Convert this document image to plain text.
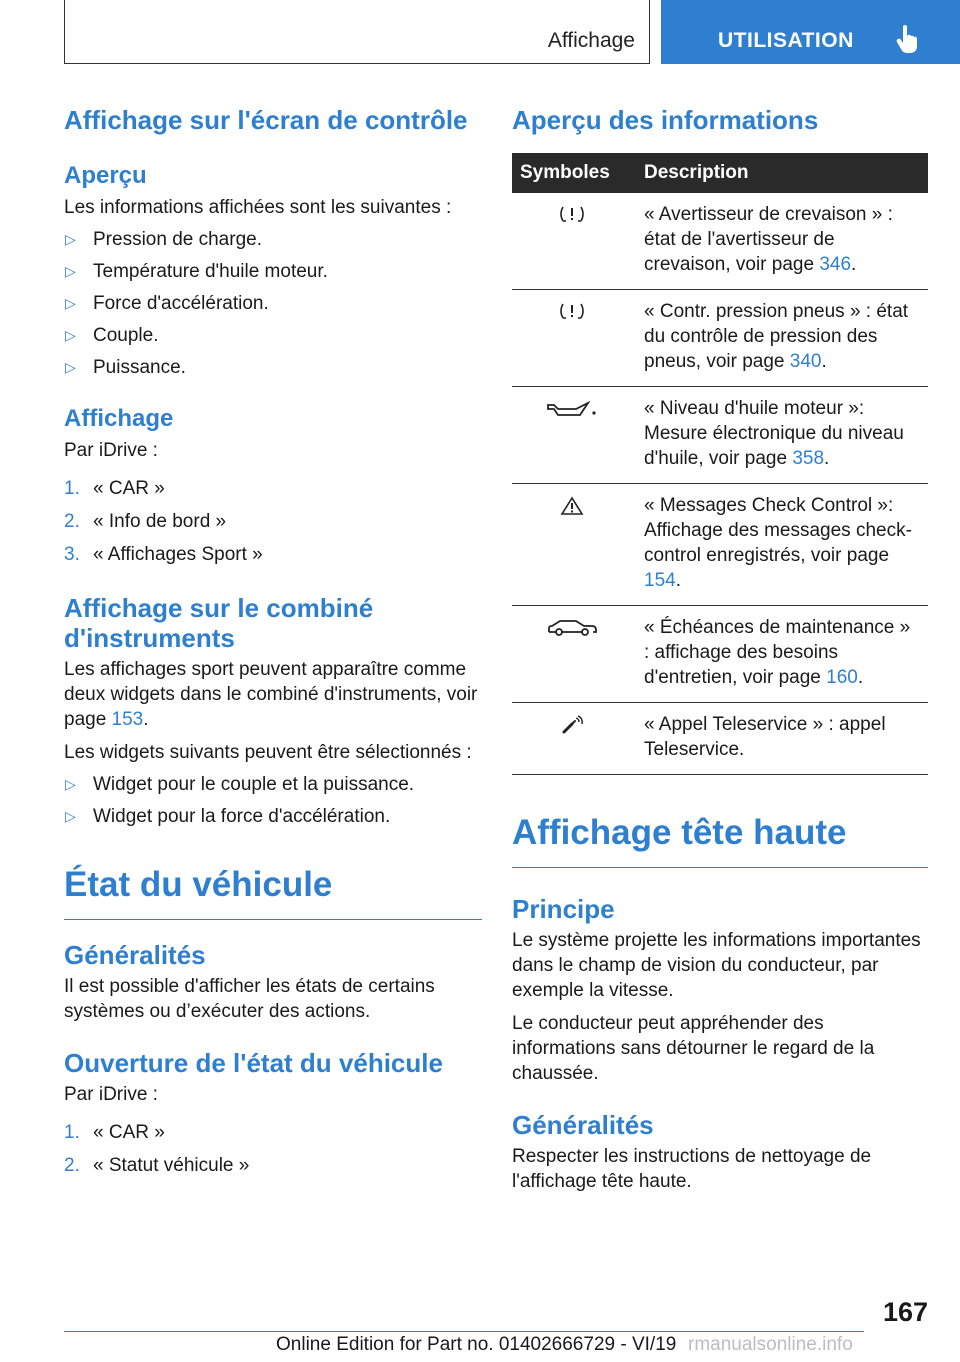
Affichage	UTILISATION
Affichage sur l'écran de contrôle
Aperçu
Les informations affichées sont les suivantes :
▷ Pression de charge.
▷ Température d'huile moteur.
▷ Force d'accélération.
▷ Couple.
▷ Puissance.
Affichage
Par iDrive :
1. « CAR »
2. « Info de bord »
3. « Affichages Sport »
Affichage sur le combiné d'instruments
Les affichages sport peuvent apparaître comme deux widgets dans le combiné d'instruments, voir page 153.
Les widgets suivants peuvent être sélectionnés :
▷ Widget pour le couple et la puissance.
▷ Widget pour la force d'accélération.
État du véhicule
Généralités
Il est possible d'afficher les états de certains systèmes ou d’exécuter des actions.
Ouverture de l'état du véhicule
Par iDrive :
1. « CAR »
2. « Statut véhicule »
Aperçu des informations
Symboles	Description
	« Avertisseur de crevaison » : état de l'avertisseur de crevaison, voir page 346.
	« Contr. pression pneus » : état du contrôle de pression des pneus, voir page 340.
	« Niveau d'huile moteur »: Mesure électronique du niveau d'huile, voir page 358.
	« Messages Check Control »: Affichage des messages check-control enregistrés, voir page 154.
	« Échéances de maintenance » : affichage des besoins d'entretien, voir page 160.
	« Appel Teleservice » : appel Teleservice.
Affichage tête haute
Principe
Le système projette les informations importantes dans le champ de vision du conducteur, par exemple la vitesse.
Le conducteur peut appréhender des informations sans détourner le regard de la chaussée.
Généralités
Respecter les instructions de nettoyage de l'affichage tête haute.
167
Online Edition for Part no. 01402666729 - VI/19 rmanualsonline.info
